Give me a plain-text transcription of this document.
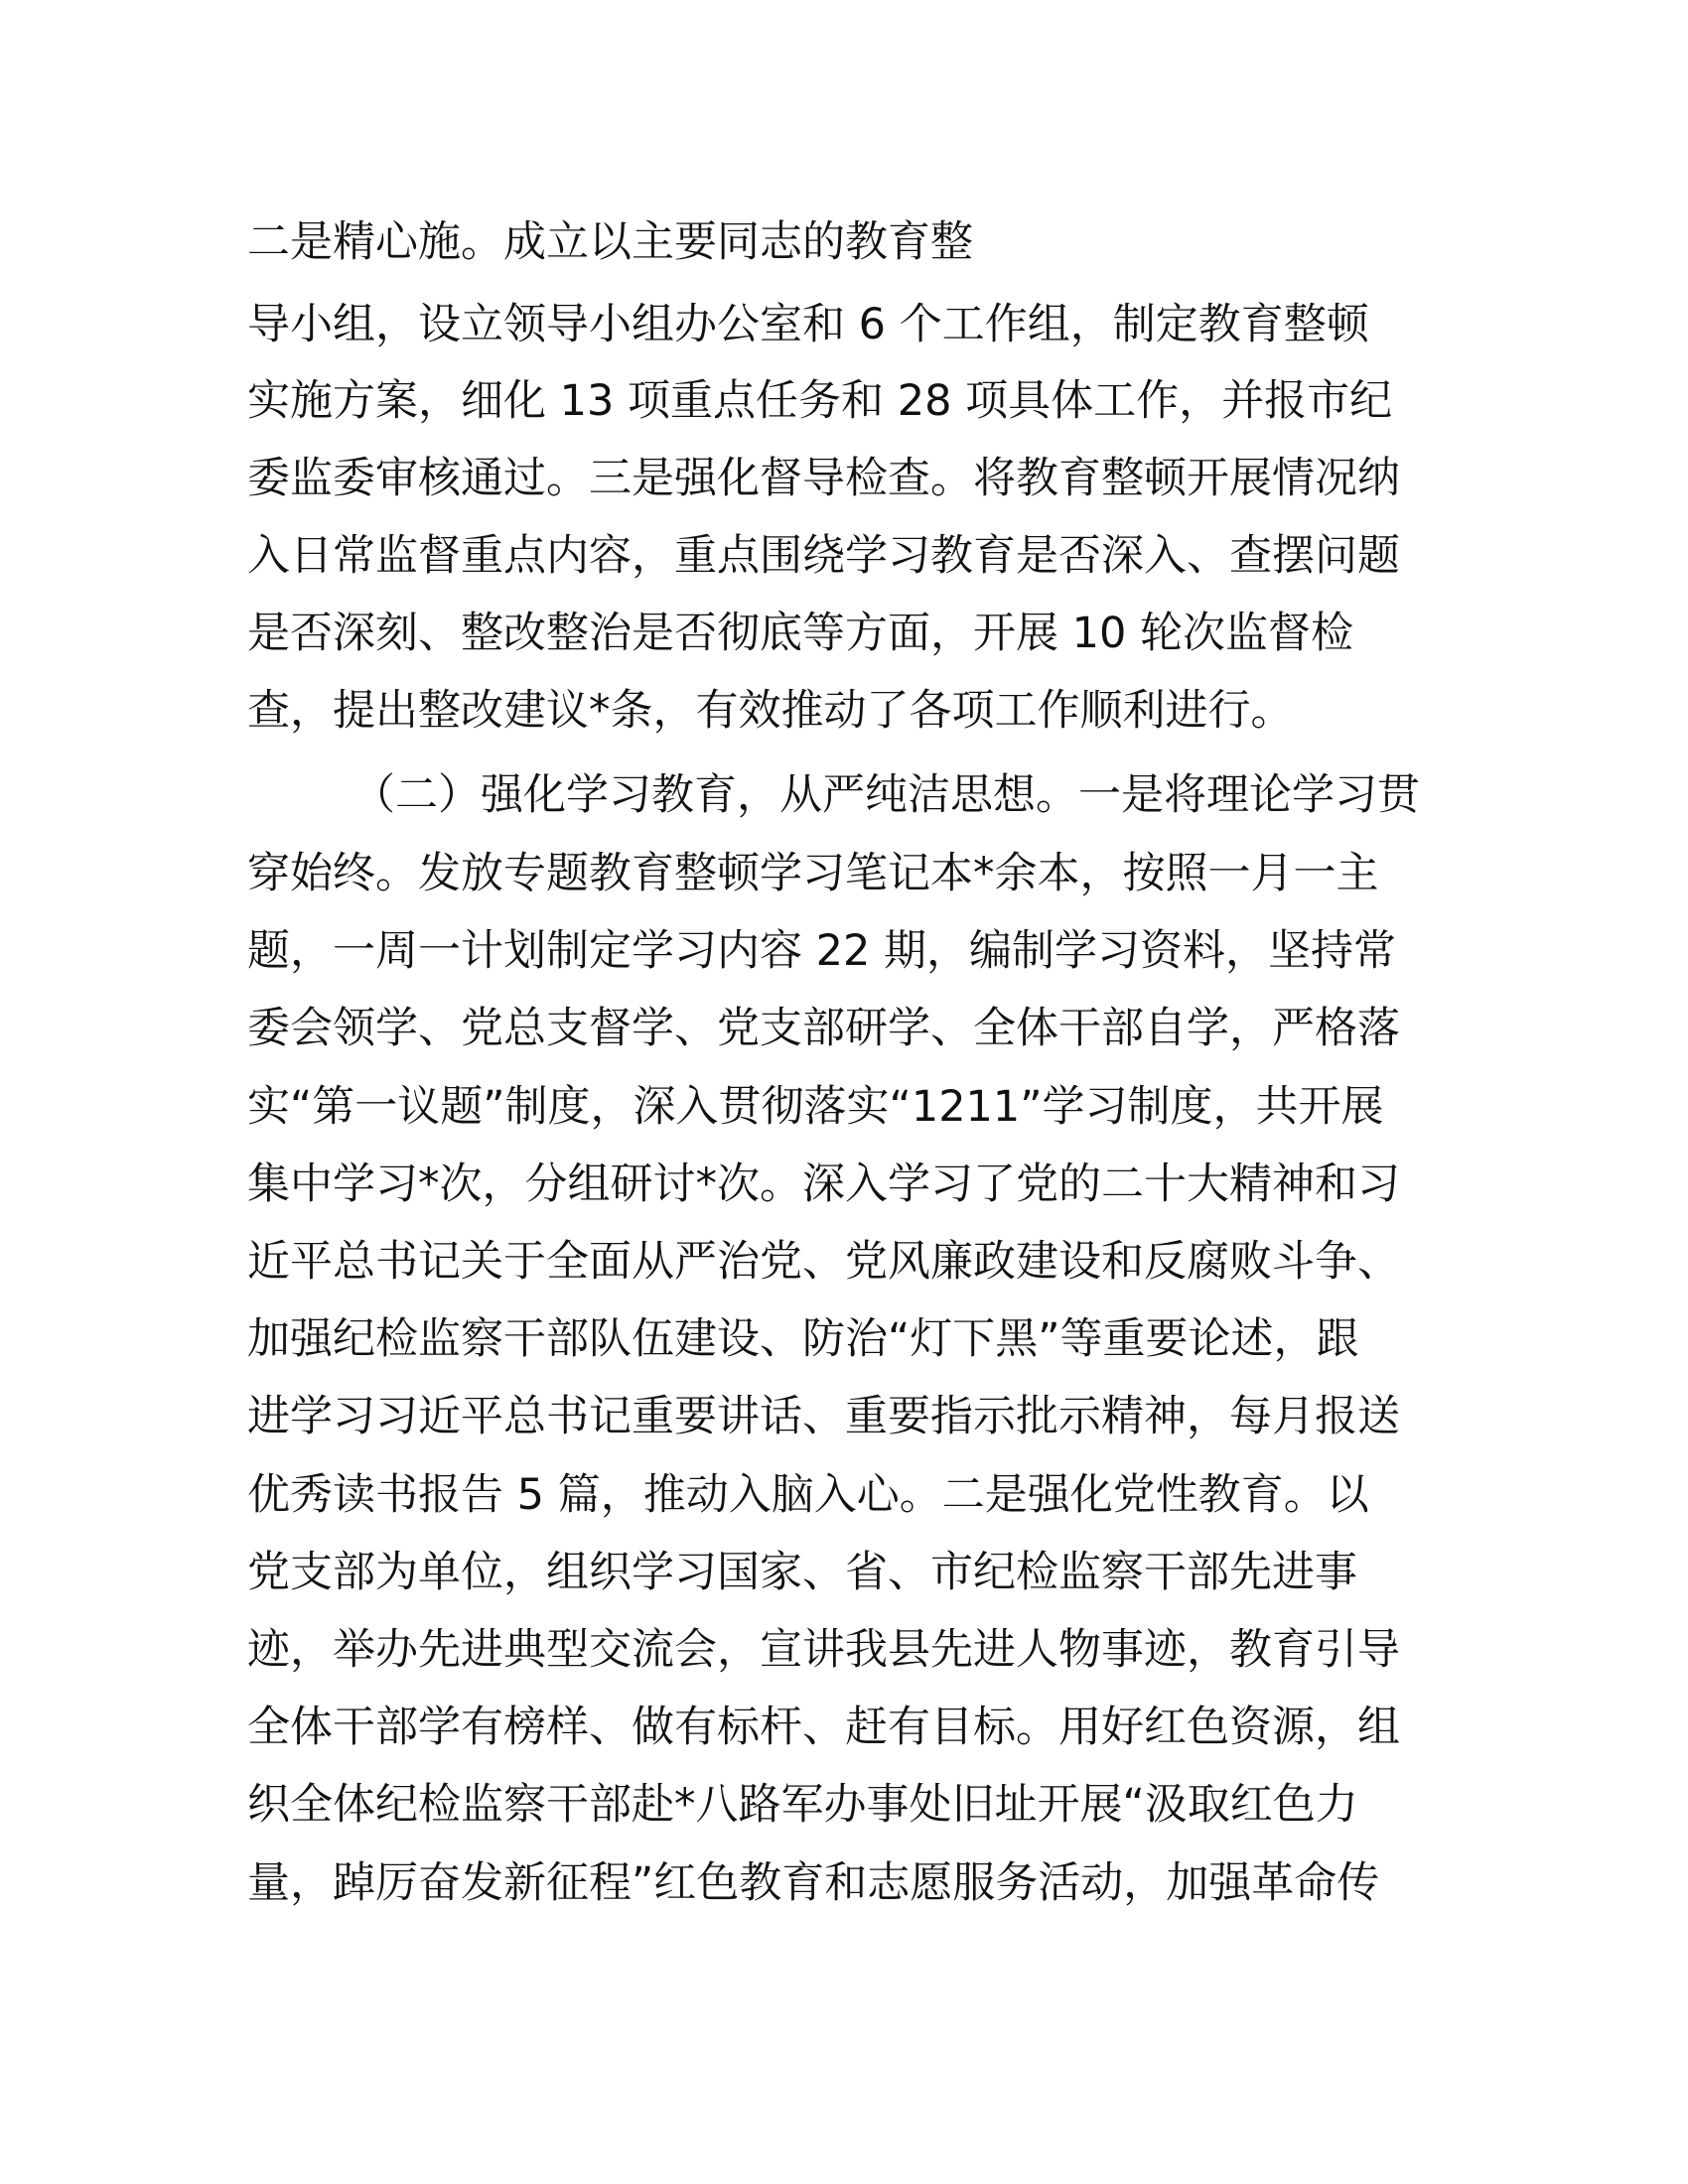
二是精心施。成立以主要同志的教育整
导小组，设立领导小组办公室和 6 个工作组，制定教育整顿
实施方案，细化 13 项重点任务和 28 项具体工作，并报市纪
委监委审核通过。三是强化督导检查。将教育整顿开展情况纳
入日常监督重点内容，重点围绕学习教育是否深入、查摆问题
是否深刻、整改整治是否彻底等方面，开展 10 轮次监督检
查，提出整改建议*条，有效推动了各项工作顺利进行。
（二）强化学习教育，从严纯洁思想。一是将理论学习贯
穿始终。发放专题教育整顿学习笔记本*余本，按照一月一主
题，一周一计划制定学习内容 22 期，编制学习资料，坚持常
委会领学、党总支督学、党支部研学、全体干部自学，严格落
实“第一议题”制度，深入贯彻落实“1211”学习制度，共开展
集中学习*次，分组研讨*次。深入学习了党的二十大精神和习
近平总书记关于全面从严治党、党风廉政建设和反腐败斗争、
加强纪检监察干部队伍建设、防治“灯下黑”等重要论述，跟
进学习习近平总书记重要讲话、重要指示批示精神，每月报送
优秀读书报告 5 篇，推动入脑入心。二是强化党性教育。以
党支部为单位，组织学习国家、省、市纪检监察干部先进事
迹，举办先进典型交流会，宣讲我县先进人物事迹，教育引导
全体干部学有榜样、做有标杆、赶有目标。用好红色资源，组
织全体纪检监察干部赴*八路军办事处旧址开展“汲取红色力
量，踔厉奋发新征程”红色教育和志愿服务活动，加强革命传
